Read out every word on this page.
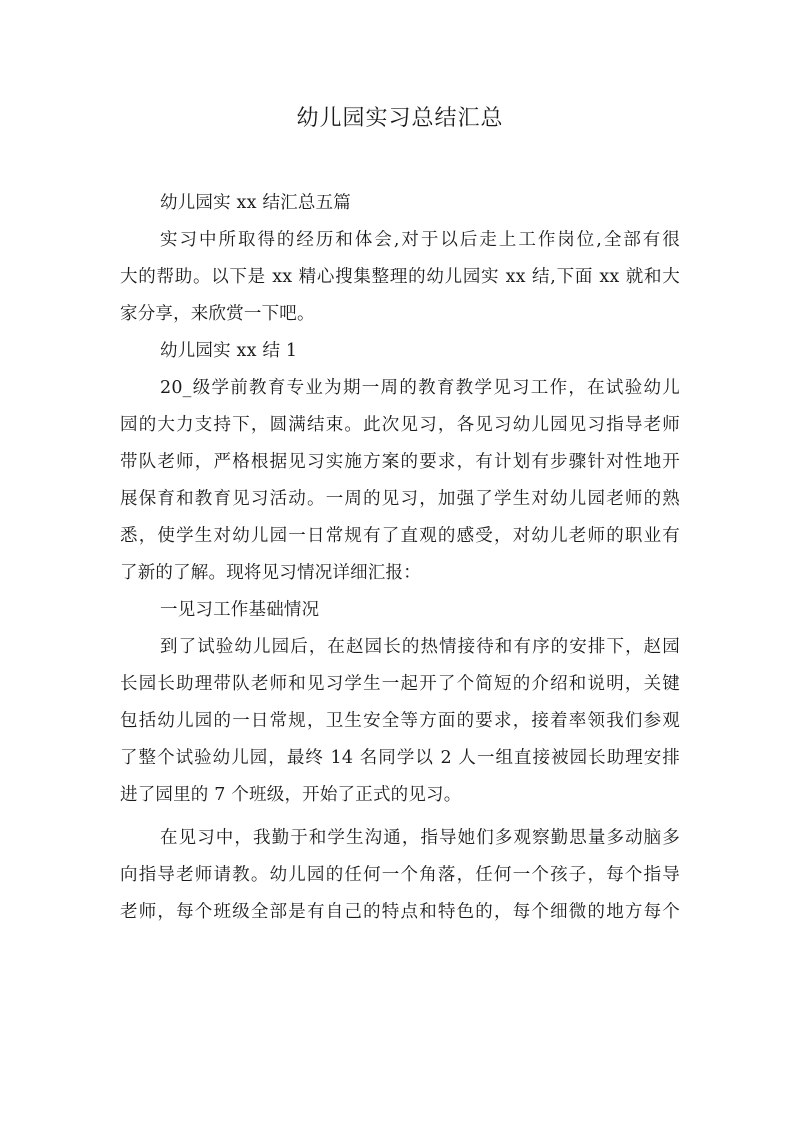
幼儿园实习总结汇总
幼儿园实 xx 结汇总五篇
实习中所取得的经历和体会,对于以后走上工作岗位,全部有很
大的帮助。以下是 xx 精心搜集整理的幼儿园实 xx 结,下面 xx 就和大
家分享，来欣赏一下吧。
幼儿园实 xx 结 1
20_级学前教育专业为期一周的教育教学见习工作，在试验幼儿
园的大力支持下，圆满结束。此次见习，各见习幼儿园见习指导老师
带队老师，严格根据见习实施方案的要求，有计划有步骤针对性地开
展保育和教育见习活动。一周的见习，加强了学生对幼儿园老师的熟
悉，使学生对幼儿园一日常规有了直观的感受，对幼儿老师的职业有
了新的了解。现将见习情况详细汇报：
一见习工作基础情况
到了试验幼儿园后，在赵园长的热情接待和有序的安排下，赵园
长园长助理带队老师和见习学生一起开了个简短的介绍和说明，关键
包括幼儿园的一日常规，卫生安全等方面的要求，接着率领我们参观
了整个试验幼儿园，最终 14 名同学以 2 人一组直接被园长助理安排
进了园里的 7 个班级，开始了正式的见习。
在见习中，我勤于和学生沟通，指导她们多观察勤思量多动脑多
向指导老师请教。幼儿园的任何一个角落，任何一个孩子，每个指导
老师，每个班级全部是有自己的特点和特色的，每个细微的地方每个
